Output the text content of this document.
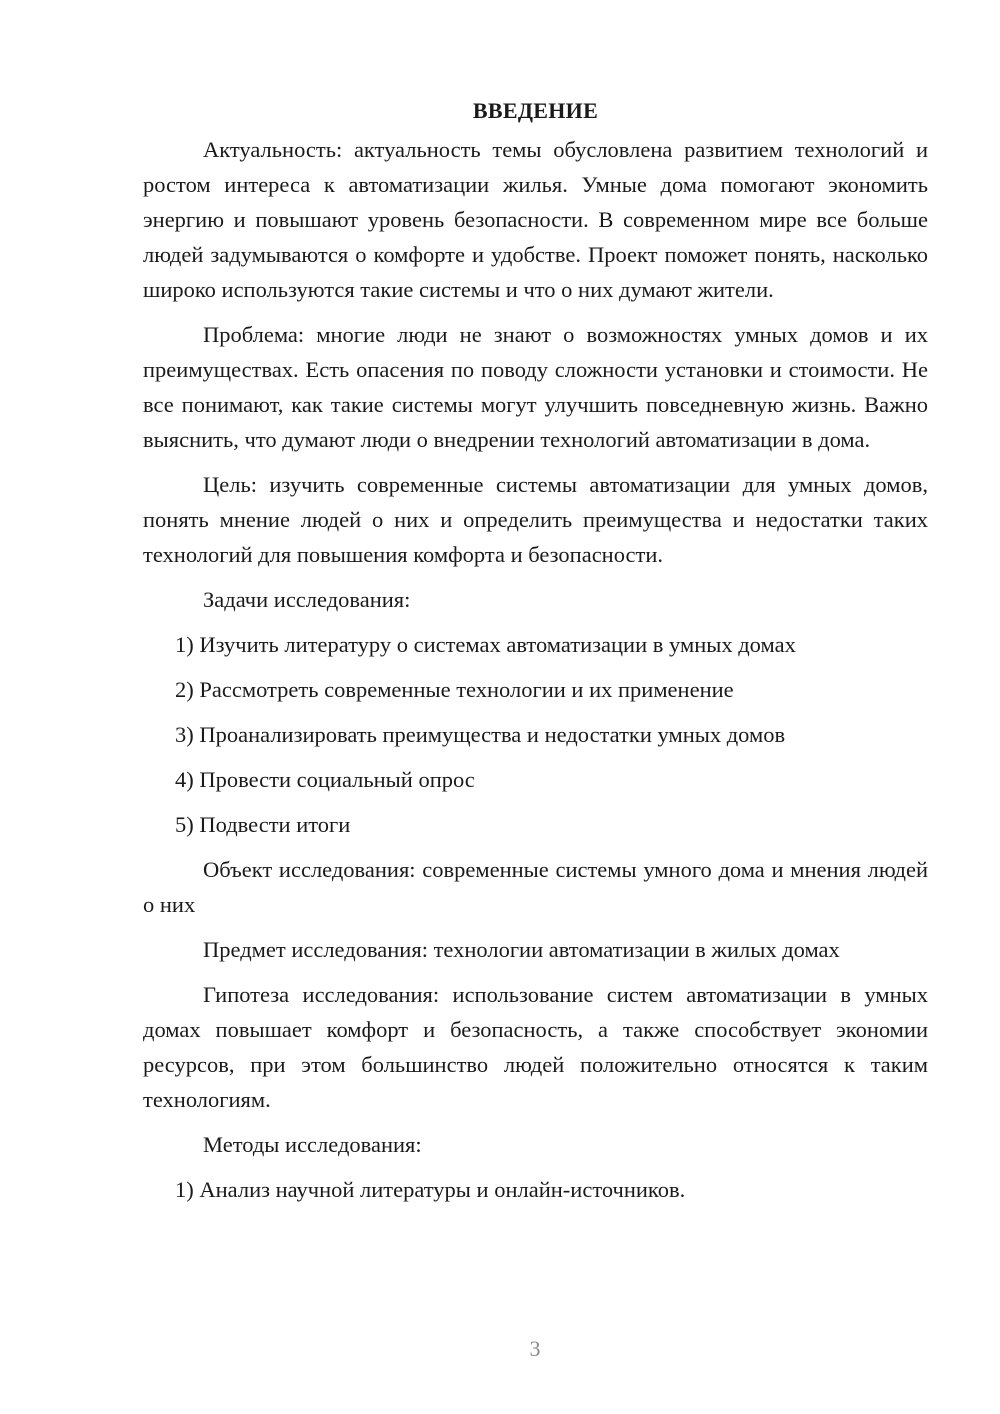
ВВЕДЕНИЕ

Актуальность: актуальность темы обусловлена развитием технологий и ростом интереса к автоматизации жилья. Умные дома помогают экономить энергию и повышают уровень безопасности. В современном мире все больше людей задумываются о комфорте и удобстве. Проект поможет понять, насколько широко используются такие системы и что о них думают жители.

Проблема: многие люди не знают о возможностях умных домов и их преимуществах. Есть опасения по поводу сложности установки и стоимости. Не все понимают, как такие системы могут улучшить повседневную жизнь. Важно выяснить, что думают люди о внедрении технологий автоматизации в дома.

Цель: изучить современные системы автоматизации для умных домов, понять мнение людей о них и определить преимущества и недостатки таких технологий для повышения комфорта и безопасности.

Задачи исследования:

1) Изучить литературу о системах автоматизации в умных домах
2) Рассмотреть современные технологии и их применение
3) Проанализировать преимущества и недостатки умных домов
4) Провести социальный опрос
5) Подвести итоги

Объект исследования: современные системы умного дома и мнения людей о них

Предмет исследования: технологии автоматизации в жилых домах

Гипотеза исследования: использование систем автоматизации в умных домах повышает комфорт и безопасность, а также способствует экономии ресурсов, при этом большинство людей положительно относятся к таким технологиям.

Методы исследования:

1) Анализ научной литературы и онлайн-источников.
3
